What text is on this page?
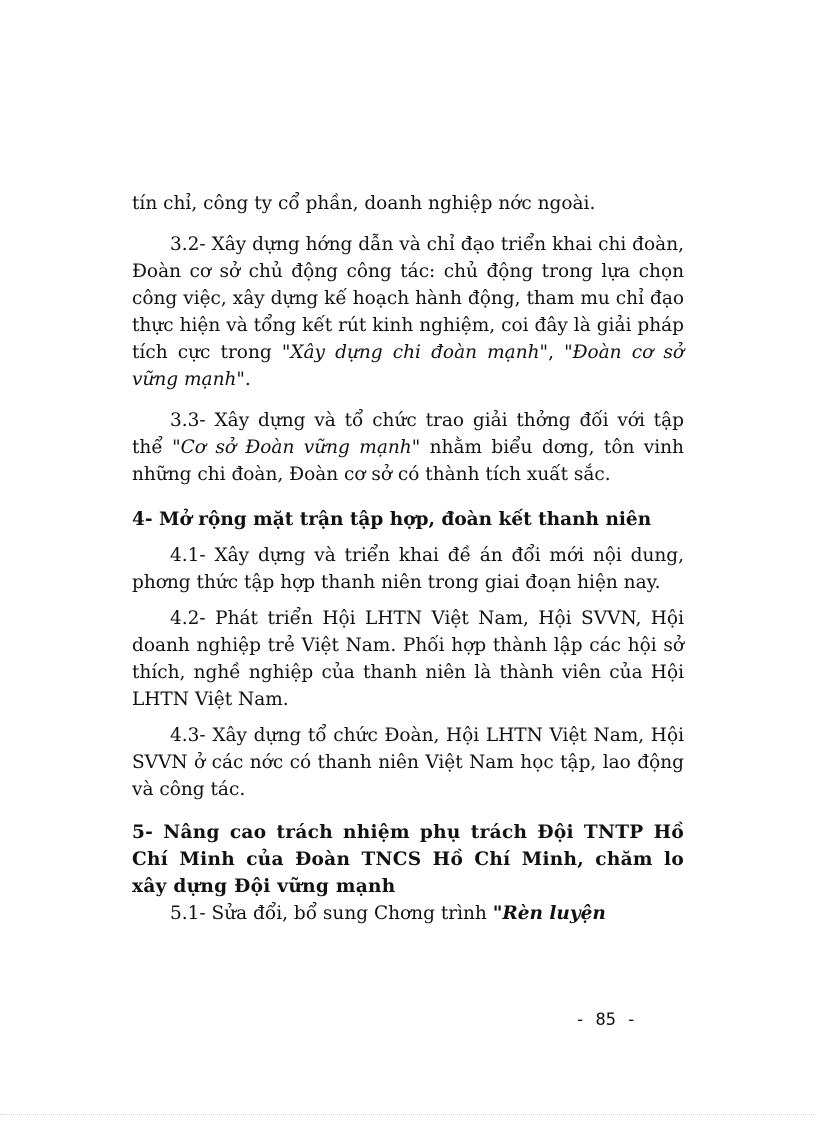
tín chỉ, công ty cổ phần, doanh nghiệp nớc ngoài.

3.2- Xây dựng hớng dẫn và chỉ đạo triển khai chi đoàn, Đoàn cơ sở chủ động công tác: chủ động trong lựa chọn công việc, xây dựng kế hoạch hành động, tham mu chỉ đạo thực hiện và tổng kết rút kinh nghiệm, coi đây là giải pháp tích cực trong "Xây dựng chi đoàn mạnh", "Đoàn cơ sở vững mạnh".

3.3- Xây dựng và tổ chức trao giải thởng đối với tập thể "Cơ sở Đoàn vững mạnh" nhằm biểu dơng, tôn vinh những chi đoàn, Đoàn cơ sở có thành tích xuất sắc.

4- Mở rộng mặt trận tập hợp, đoàn kết thanh niên

4.1- Xây dựng và triển khai đề án đổi mới nội dung, phơng thức tập hợp thanh niên trong giai đoạn hiện nay.

4.2- Phát triển Hội LHTN Việt Nam, Hội SVVN, Hội doanh nghiệp trẻ Việt Nam. Phối hợp thành lập các hội sở thích, nghề nghiệp của thanh niên là thành viên của Hội LHTN Việt Nam.

4.3- Xây dựng tổ chức Đoàn, Hội LHTN Việt Nam, Hội SVVN ở các nớc có thanh niên Việt Nam học tập, lao động và công tác.

5- Nâng cao trách nhiệm phụ trách Đội TNTP Hồ Chí Minh của Đoàn TNCS Hồ Chí Minh, chăm lo xây dựng Đội vững mạnh

5.1- Sửa đổi, bổ sung Chơng trình "Rèn luyện

- 85 -
